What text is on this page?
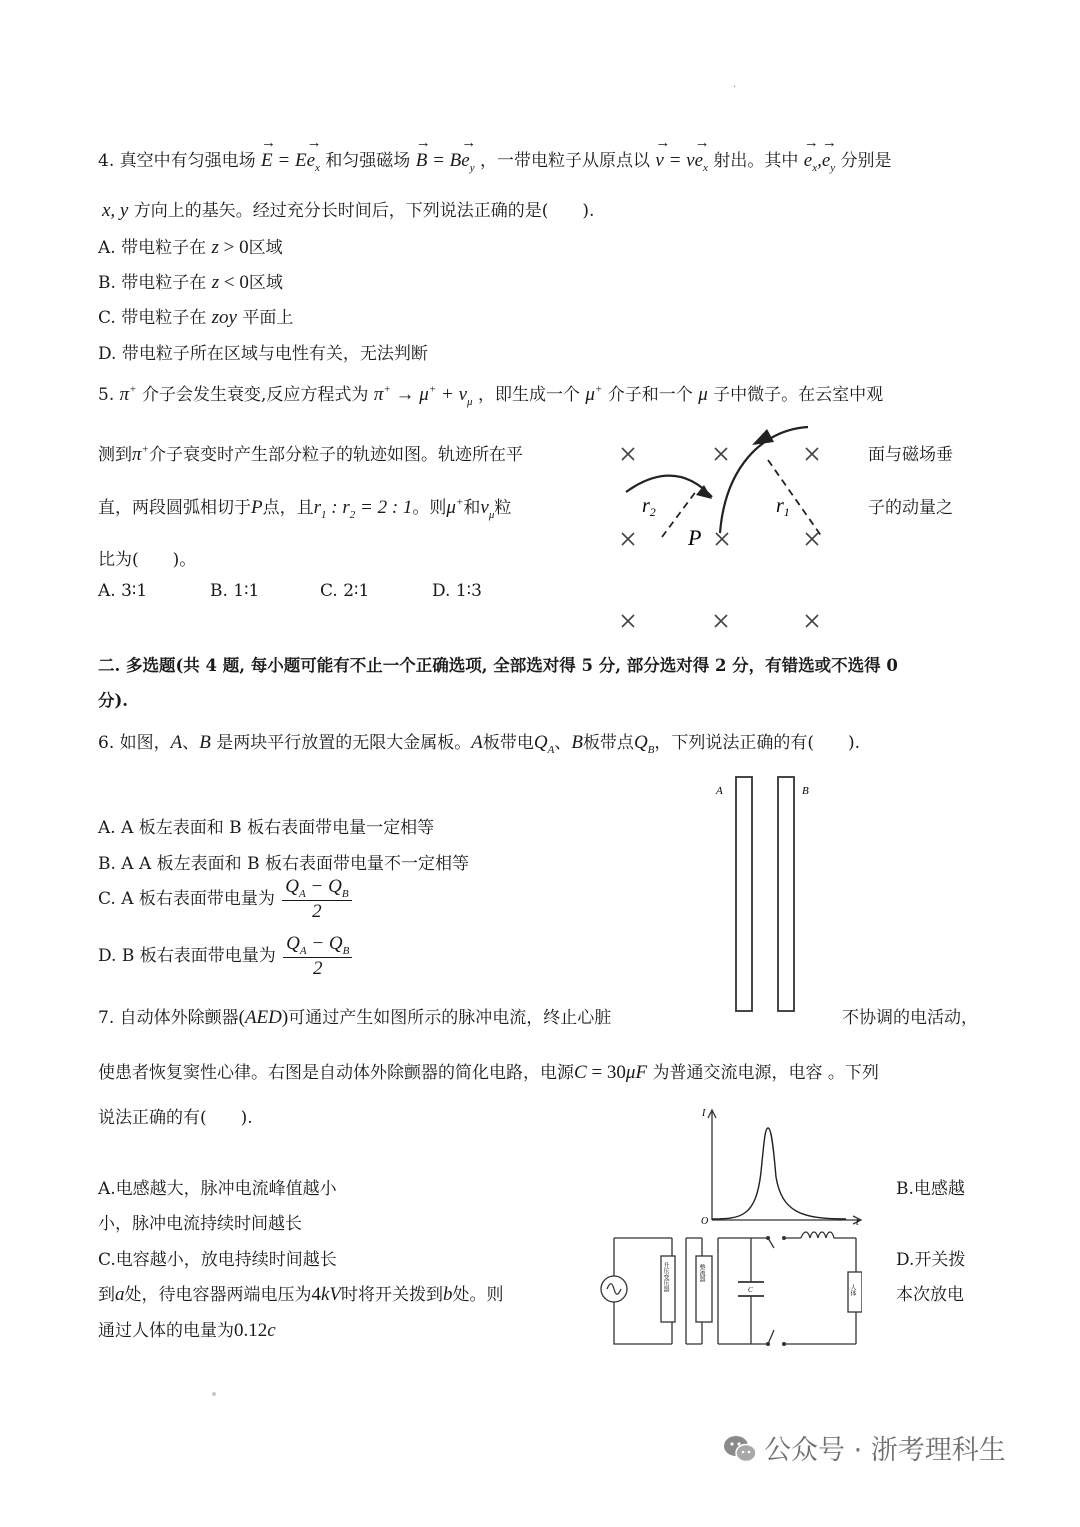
·
4. 真空中有匀强电场 → $E = E\to e_x$ 和匀强磁场 → $B = B\to e_y$ ，一带电粒子从原点以 → $v = v\to e_x$ 射出。其中 → $e_x,\to e_y$ 分别是
x, y 方向上的基矢。经过充分长时间后，下列说法正确的是(　　).
A. 带电粒子在 z > 0区域
B. 带电粒子在 z < 0区域
C. 带电粒子在 zoy 平面上
D. 带电粒子所在区域与电性有关，无法判断
5. π+ 介子会发生衰变,反应方程式为 $\pi^+ \to \mu^+ + \nu_\mu$ ，即生成一个 μ+ 介子和一个 μ 子中微子。在云室中观
测到π+介子衰变时产生部分粒子的轨迹如图。轨迹所在平	面与磁场垂
直，两段圆弧相切于P点，且$r_1$ : $r_2 = 2$ : 1。则μ+和$\nu_\mu$粒	子的动量之
比为(　　)。
A. 3∶1	B. 1∶1	C. 2∶1	D. 1∶3
$r_2$	$r_1$
P
二. 多选题(共 4 题, 每小题可能有不止一个正确选项, 全部选对得 5 分, 部分选对得 2 分，有错选或不选得 0
分).
6. 如图，A、B 是两块平行放置的无限大金属板。A板带电$Q_A$、B板带点$Q_B$，下列说法正确的有(　　).
A. A 板左表面和 B 板右表面带电量一定相等
B. A A 板左表面和 B 板右表面带电量不一定相等
C. A 板右表面带电量为 $\frac{Q_A - Q_B}{2}$
D. B 板右表面带电量为 $\frac{Q_A - Q_B}{2}$
A	B
7. 自动体外除颤器(AED)可通过产生如图所示的脉冲电流，终止心脏	不协调的电活动，
使患者恢复窦性心律。右图是自动体外除颤器的简化电路，电源C = 30μF 为普通交流电源，电容 。下列
说法正确的有(　　).
A.电感越大，脉冲电流峰值越小	B.电感越
小，脉冲电流持续时间越长
C.电容越小，放电持续时间越长	D.开关拨
到a处，待电容器两端电压为4kV时将开关拨到b处。则	本次放电
通过人体的电量为0.12c
I
O	t
C
升压变压器	整流器
人体
公众号 · 浙考理科生
